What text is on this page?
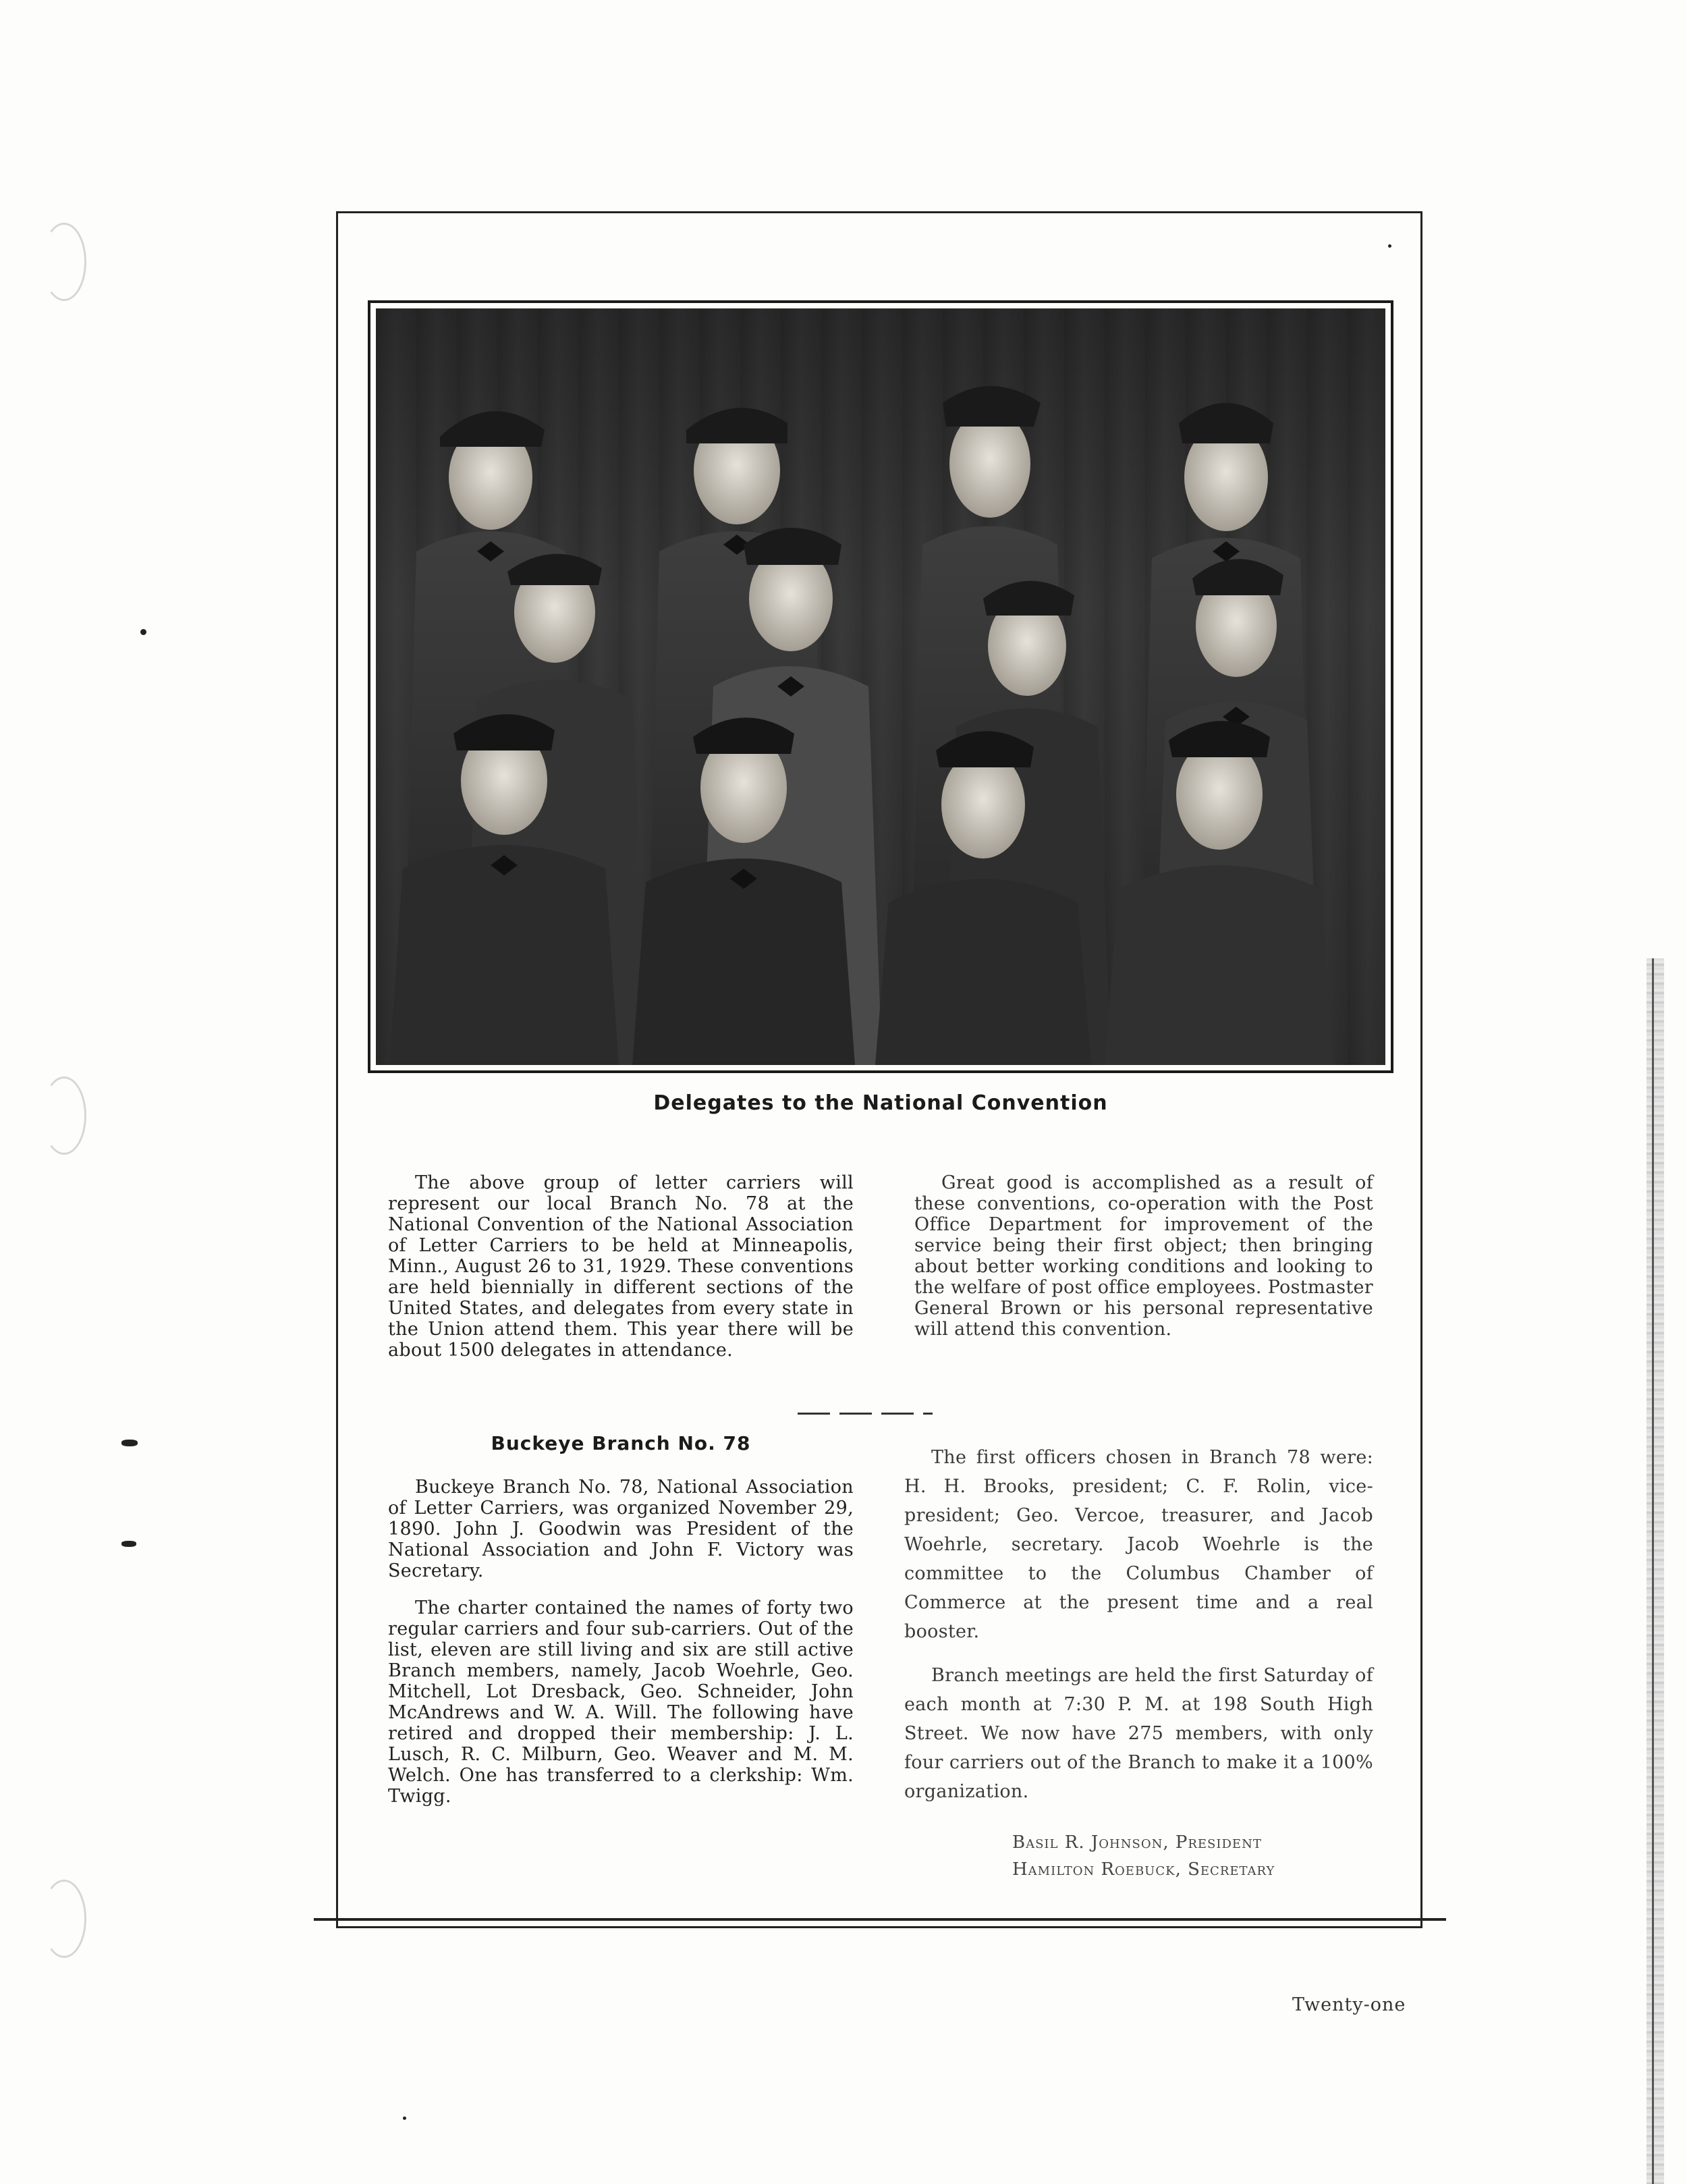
Delegates to the National Convention

The above group of letter carriers will represent our local Branch No. 78 at the National Convention of the National Association of Letter Carriers to be held at Minneapolis, Minn., August 26 to 31, 1929. These conventions are held biennially in different sections of the United States, and delegates from every state in the Union attend them. This year there will be about 1500 delegates in attendance.

Great good is accomplished as a result of these conventions, co-operation with the Post Office Department for improvement of the service being their first object; then bringing about better working conditions and looking to the welfare of post office employees. Postmaster General Brown or his personal representative will attend this convention.

Buckeye Branch No. 78

Buckeye Branch No. 78, National Association of Letter Carriers, was organized November 29, 1890. John J. Goodwin was President of the National Association and John F. Victory was Secretary.

The charter contained the names of forty two regular carriers and four sub-carriers. Out of the list, eleven are still living and six are still active Branch members, namely, Jacob Woehrle, Geo. Mitchell, Lot Dresback, Geo. Schneider, John McAndrews and W. A. Will. The following have retired and dropped their membership: J. L. Lusch, R. C. Milburn, Geo. Weaver and M. M. Welch. One has transferred to a clerkship: Wm. Twigg.

The first officers chosen in Branch 78 were: H. H. Brooks, president; C. F. Rolin, vice-president; Geo. Vercoe, treasurer, and Jacob Woehrle, secretary. Jacob Woehrle is the committee to the Columbus Chamber of Commerce at the present time and a real booster.

Branch meetings are held the first Saturday of each month at 7:30 P. M. at 198 South High Street. We now have 275 members, with only four carriers out of the Branch to make it a 100% organization.

Basil R. Johnson, President
Hamilton Roebuck, Secretary
Twenty-one
